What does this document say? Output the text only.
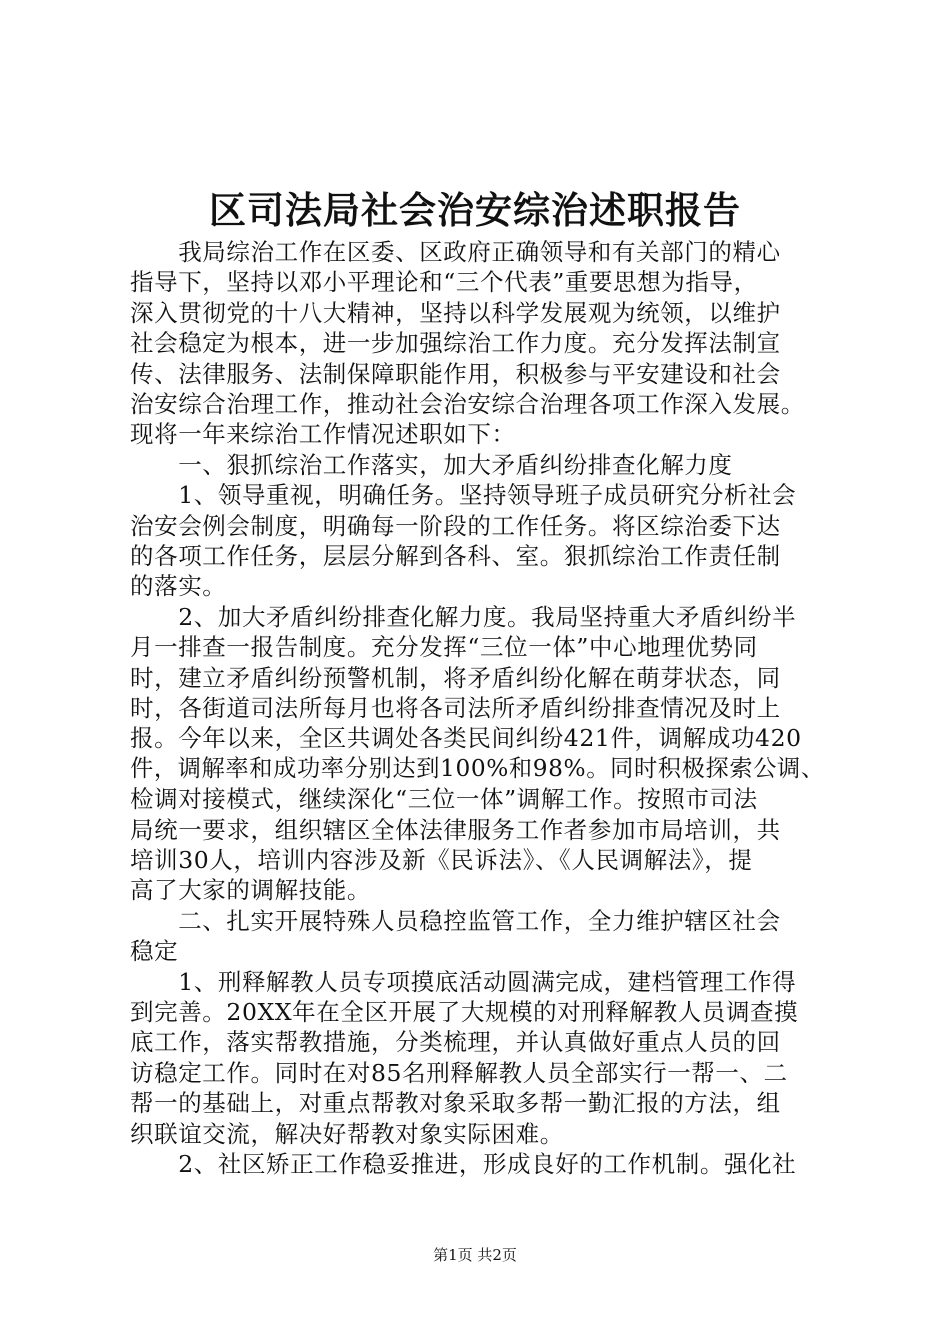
区司法局社会治安综治述职报告
　　我局综治工作在区委、区政府正确领导和有关部门的精心
指导下，坚持以邓小平理论和“三个代表”重要思想为指导，
深入贯彻党的十八大精神，坚持以科学发展观为统领，以维护
社会稳定为根本，进一步加强综治工作力度。充分发挥法制宣
传、法律服务、法制保障职能作用，积极参与平安建设和社会
治安综合治理工作，推动社会治安综合治理各项工作深入发展。
现将一年来综治工作情况述职如下：
　　一、狠抓综治工作落实，加大矛盾纠纷排查化解力度
　　1、领导重视，明确任务。坚持领导班子成员研究分析社会
治安会例会制度，明确每一阶段的工作任务。将区综治委下达
的各项工作任务，层层分解到各科、室。狠抓综治工作责任制
的落实。
　　2、加大矛盾纠纷排查化解力度。我局坚持重大矛盾纠纷半
月一排查一报告制度。充分发挥“三位一体”中心地理优势同
时，建立矛盾纠纷预警机制，将矛盾纠纷化解在萌芽状态，同
时，各街道司法所每月也将各司法所矛盾纠纷排查情况及时上
报。今年以来，全区共调处各类民间纠纷421件，调解成功420
件，调解率和成功率分别达到100%和98%。同时积极探索公调、
检调对接模式，继续深化“三位一体”调解工作。按照市司法
局统一要求，组织辖区全体法律服务工作者参加市局培训，共
培训30人，培训内容涉及新《民诉法》、《人民调解法》，提
高了大家的调解技能。
　　二、扎实开展特殊人员稳控监管工作，全力维护辖区社会
稳定
　　1、刑释解教人员专项摸底活动圆满完成，建档管理工作得
到完善。20XX年在全区开展了大规模的对刑释解教人员调查摸
底工作，落实帮教措施，分类梳理，并认真做好重点人员的回
访稳定工作。同时在对85名刑释解教人员全部实行一帮一、二
帮一的基础上，对重点帮教对象采取多帮一勤汇报的方法，组
织联谊交流，解决好帮教对象实际困难。
　　2、社区矫正工作稳妥推进，形成良好的工作机制。强化社
第1页 共2页
